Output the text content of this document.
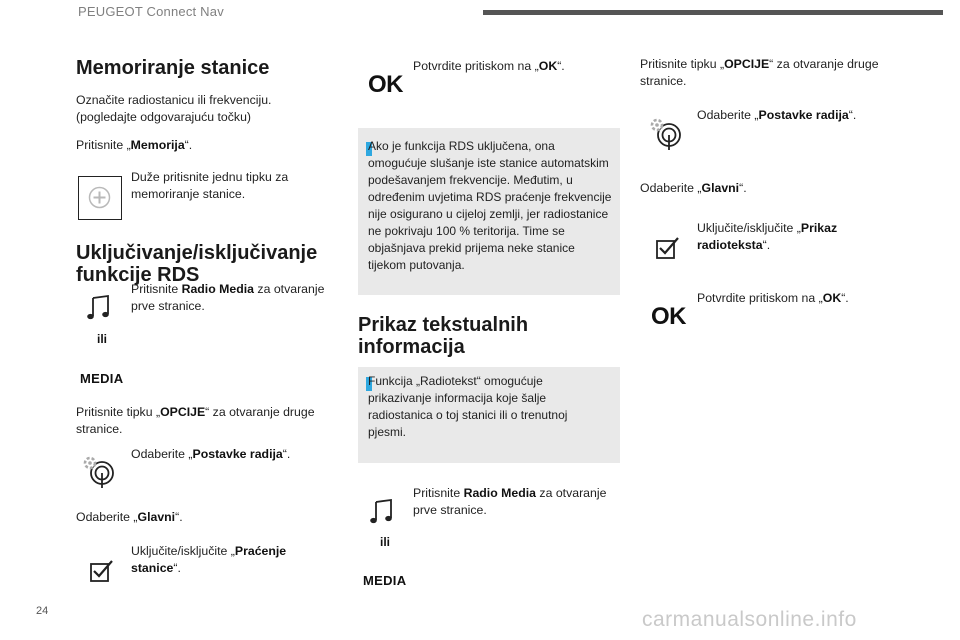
PEUGEOT Connect Nav
Memoriranje stanice
Označite radiostanicu ili frekvenciju. (pogledajte odgovarajuću točku)
Pritisnite „Memorija“.
Duže pritisnite jednu tipku za memoriranje stanice.
Uključivanje/isključivanje funkcije RDS
Pritisnite Radio Media za otvaranje prve stranice.
ili
MEDIA
Pritisnite tipku „OPCIJE“ za otvaranje druge stranice.
Odaberite „Postavke radija“.
Odaberite „Glavni“.
Uključite/isključite „Praćenje stanice“.
OK
Potvrdite pritiskom na „OK“.
Ako je funkcija RDS uključena, ona omogućuje slušanje iste stanice automatskim podešavanjem frekvencije. Međutim, u određenim uvjetima RDS praćenje frekvencije nije osigurano u cijeloj zemlji, jer radiostanice ne pokrivaju 100 % teritorija. Time se objašnjava prekid prijema neke stanice tijekom putovanja.
Prikaz tekstualnih informacija
Funkcija „Radiotekst“ omogućuje prikazivanje informacija koje šalje radiostanica o toj stanici ili o trenutnoj pjesmi.
Pritisnite Radio Media za otvaranje prve stranice.
ili
MEDIA
Pritisnite tipku „OPCIJE“ za otvaranje druge stranice.
Odaberite „Postavke radija“.
Odaberite „Glavni“.
Uključite/isključite „Prikaz radioteksta“.
OK
Potvrdite pritiskom na „OK“.
24	carmanualsonline.info
